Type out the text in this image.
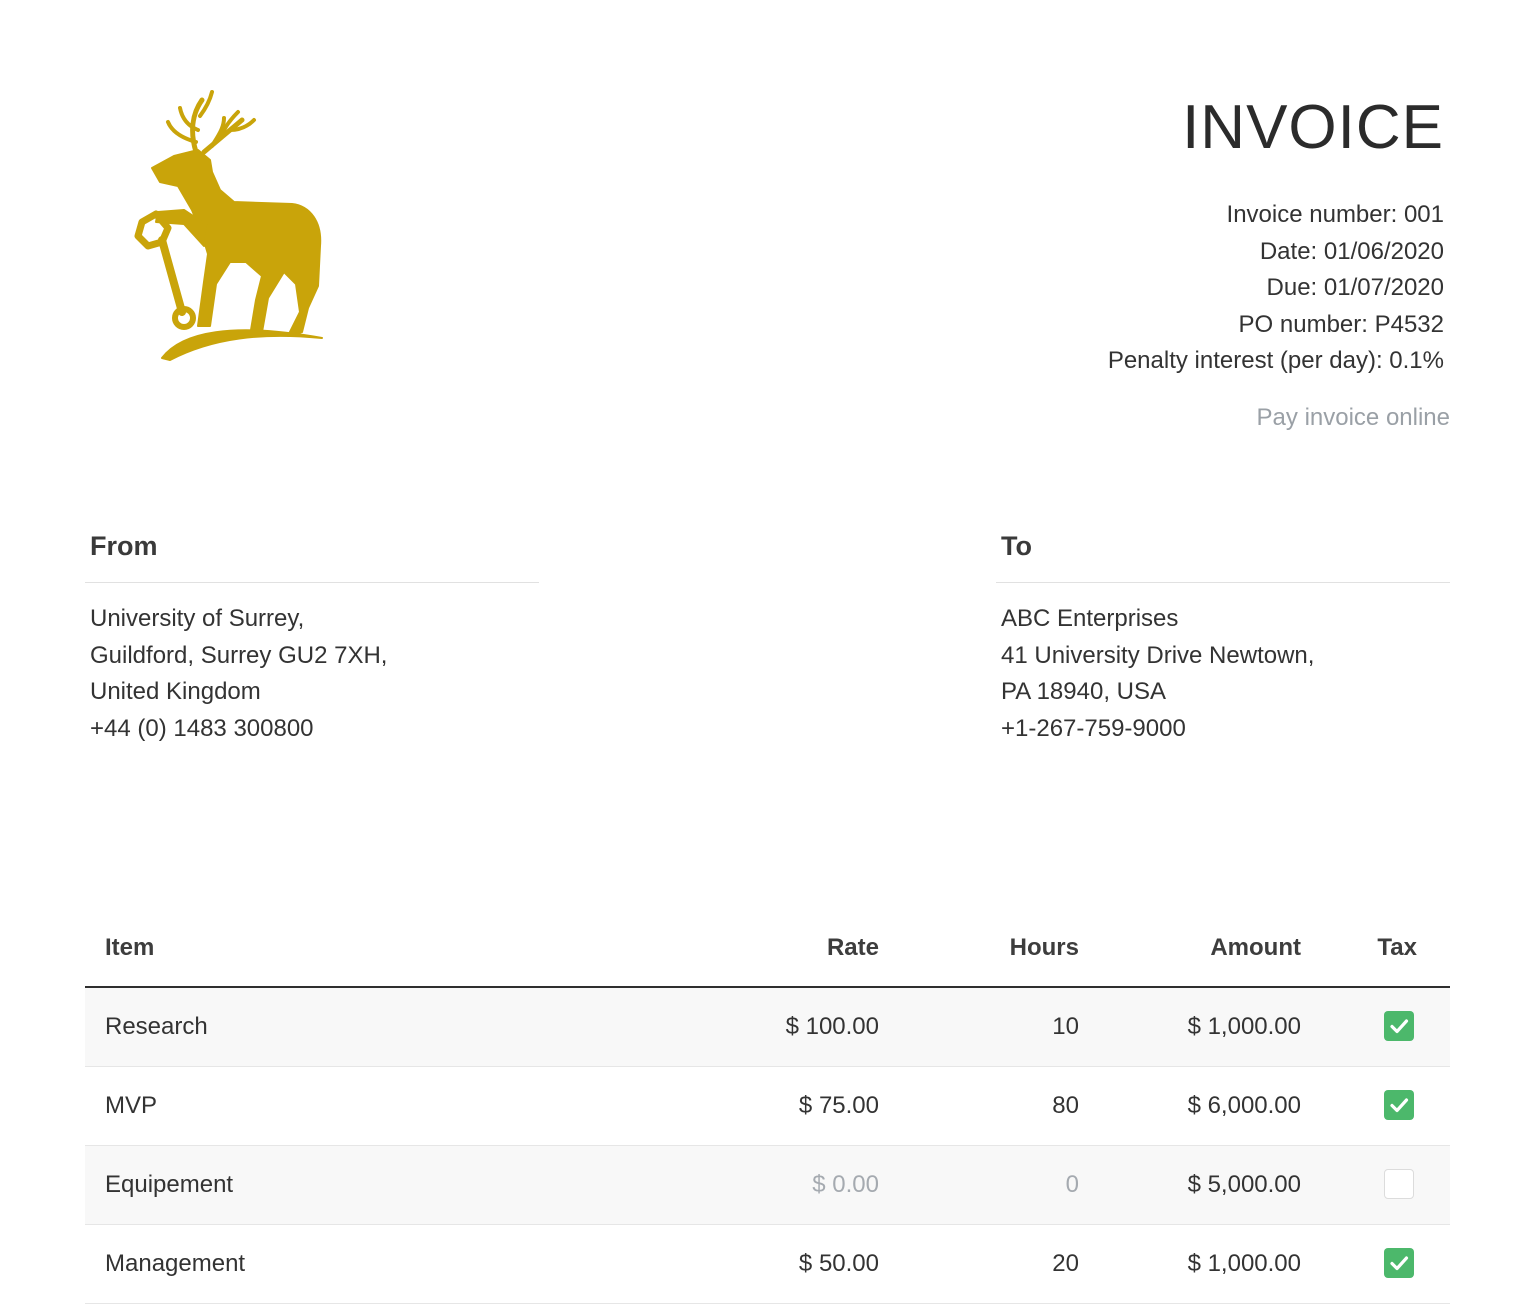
INVOICE
Invoice number: 001
Date: 01/06/2020
Due: 01/07/2020
PO number: P4532
Penalty interest (per day): 0.1%
Pay invoice online
From
University of Surrey,
Guildford, Surrey GU2 7XH,
United Kingdom
+44 (0) 1483 300800
To
ABC Enterprises
41 University Drive Newtown,
PA 18940, USA
+1-267-759-9000
Item	Rate	Hours	Amount	Tax
Research	$ 100.00	10	$ 1,000.00
MVP	$ 75.00	80	$ 6,000.00
Equipement	$ 0.00	0	$ 5,000.00
Management	$ 50.00	20	$ 1,000.00
